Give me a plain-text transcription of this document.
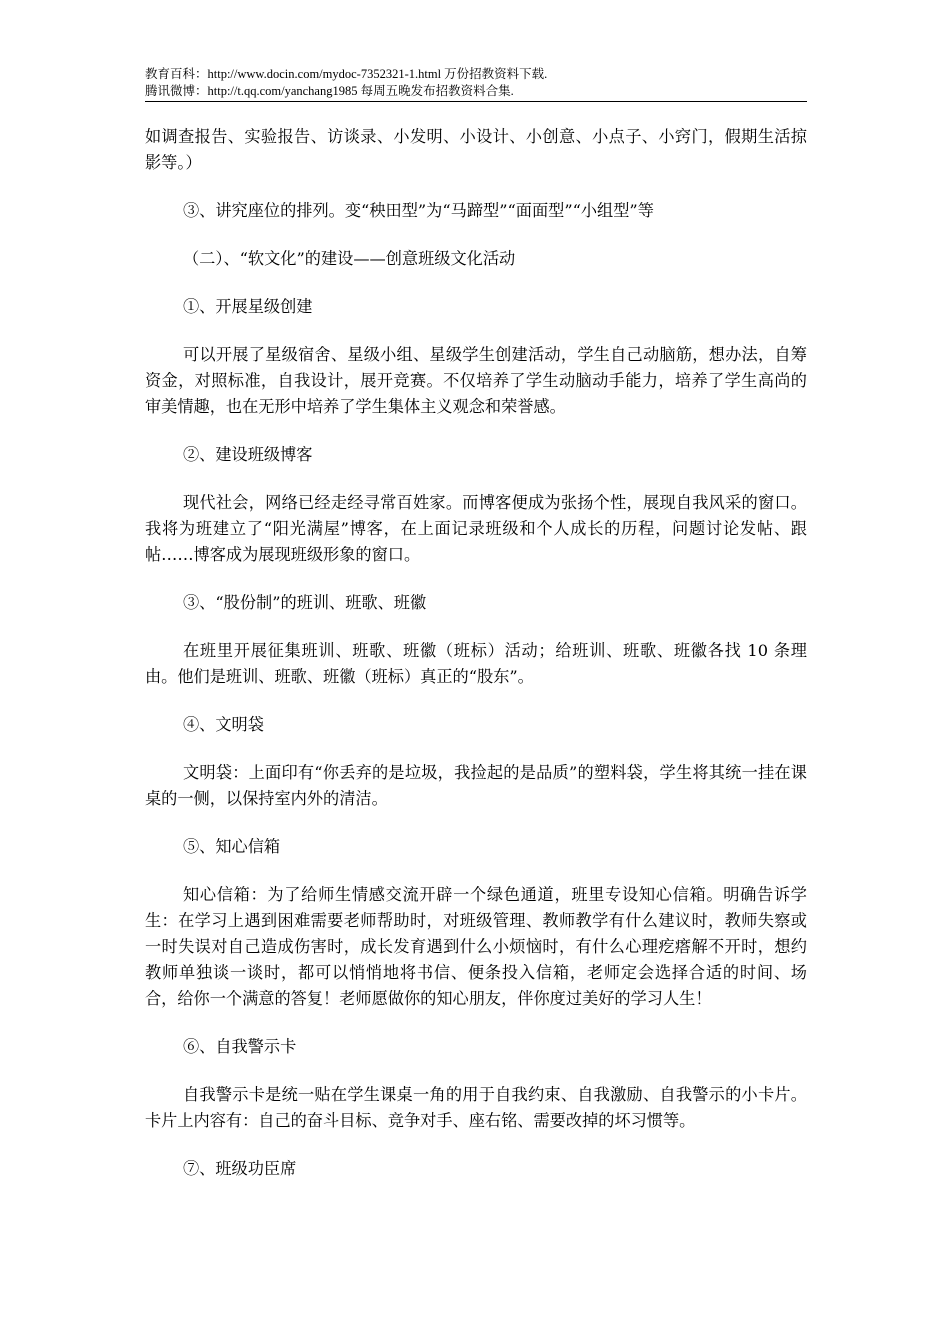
教育百科：http://www.docin.com/mydoc-7352321-1.html 万份招教资料下载.
腾讯微博：http://t.qq.com/yanchang1985 每周五晚发布招教资料合集.

如调查报告、实验报告、访谈录、小发明、小设计、小创意、小点子、小窍门，假期生活掠影等。）

③、讲究座位的排列。变“秧田型”为“马蹄型”“面面型”“小组型”等

（二）、“软文化”的建设——创意班级文化活动

①、开展星级创建

可以开展了星级宿舍、星级小组、星级学生创建活动，学生自己动脑筋，想办法，自筹资金，对照标准，自我设计，展开竞赛。不仅培养了学生动脑动手能力，培养了学生高尚的审美情趣，也在无形中培养了学生集体主义观念和荣誉感。

②、建设班级博客

现代社会，网络已经走经寻常百姓家。而博客便成为张扬个性，展现自我风采的窗口。我将为班建立了“阳光满屋”博客，在上面记录班级和个人成长的历程，问题讨论发帖、跟帖……博客成为展现班级形象的窗口。

③、“股份制”的班训、班歌、班徽

在班里开展征集班训、班歌、班徽（班标）活动；给班训、班歌、班徽各找 10 条理由。他们是班训、班歌、班徽（班标）真正的“股东”。

④、文明袋

文明袋：上面印有“你丢弃的是垃圾，我捡起的是品质”的塑料袋，学生将其统一挂在课桌的一侧，以保持室内外的清洁。

⑤、知心信箱

知心信箱：为了给师生情感交流开辟一个绿色通道，班里专设知心信箱。明确告诉学生：在学习上遇到困难需要老师帮助时，对班级管理、教师教学有什么建议时，教师失察或一时失误对自己造成伤害时，成长发育遇到什么小烦恼时，有什么心理疙瘩解不开时，想约教师单独谈一谈时，都可以悄悄地将书信、便条投入信箱，老师定会选择合适的时间、场合，给你一个满意的答复！老师愿做你的知心朋友，伴你度过美好的学习人生！

⑥、自我警示卡

自我警示卡是统一贴在学生课桌一角的用于自我约束、自我激励、自我警示的小卡片。卡片上内容有：自己的奋斗目标、竞争对手、座右铭、需要改掉的坏习惯等。

⑦、班级功臣席
